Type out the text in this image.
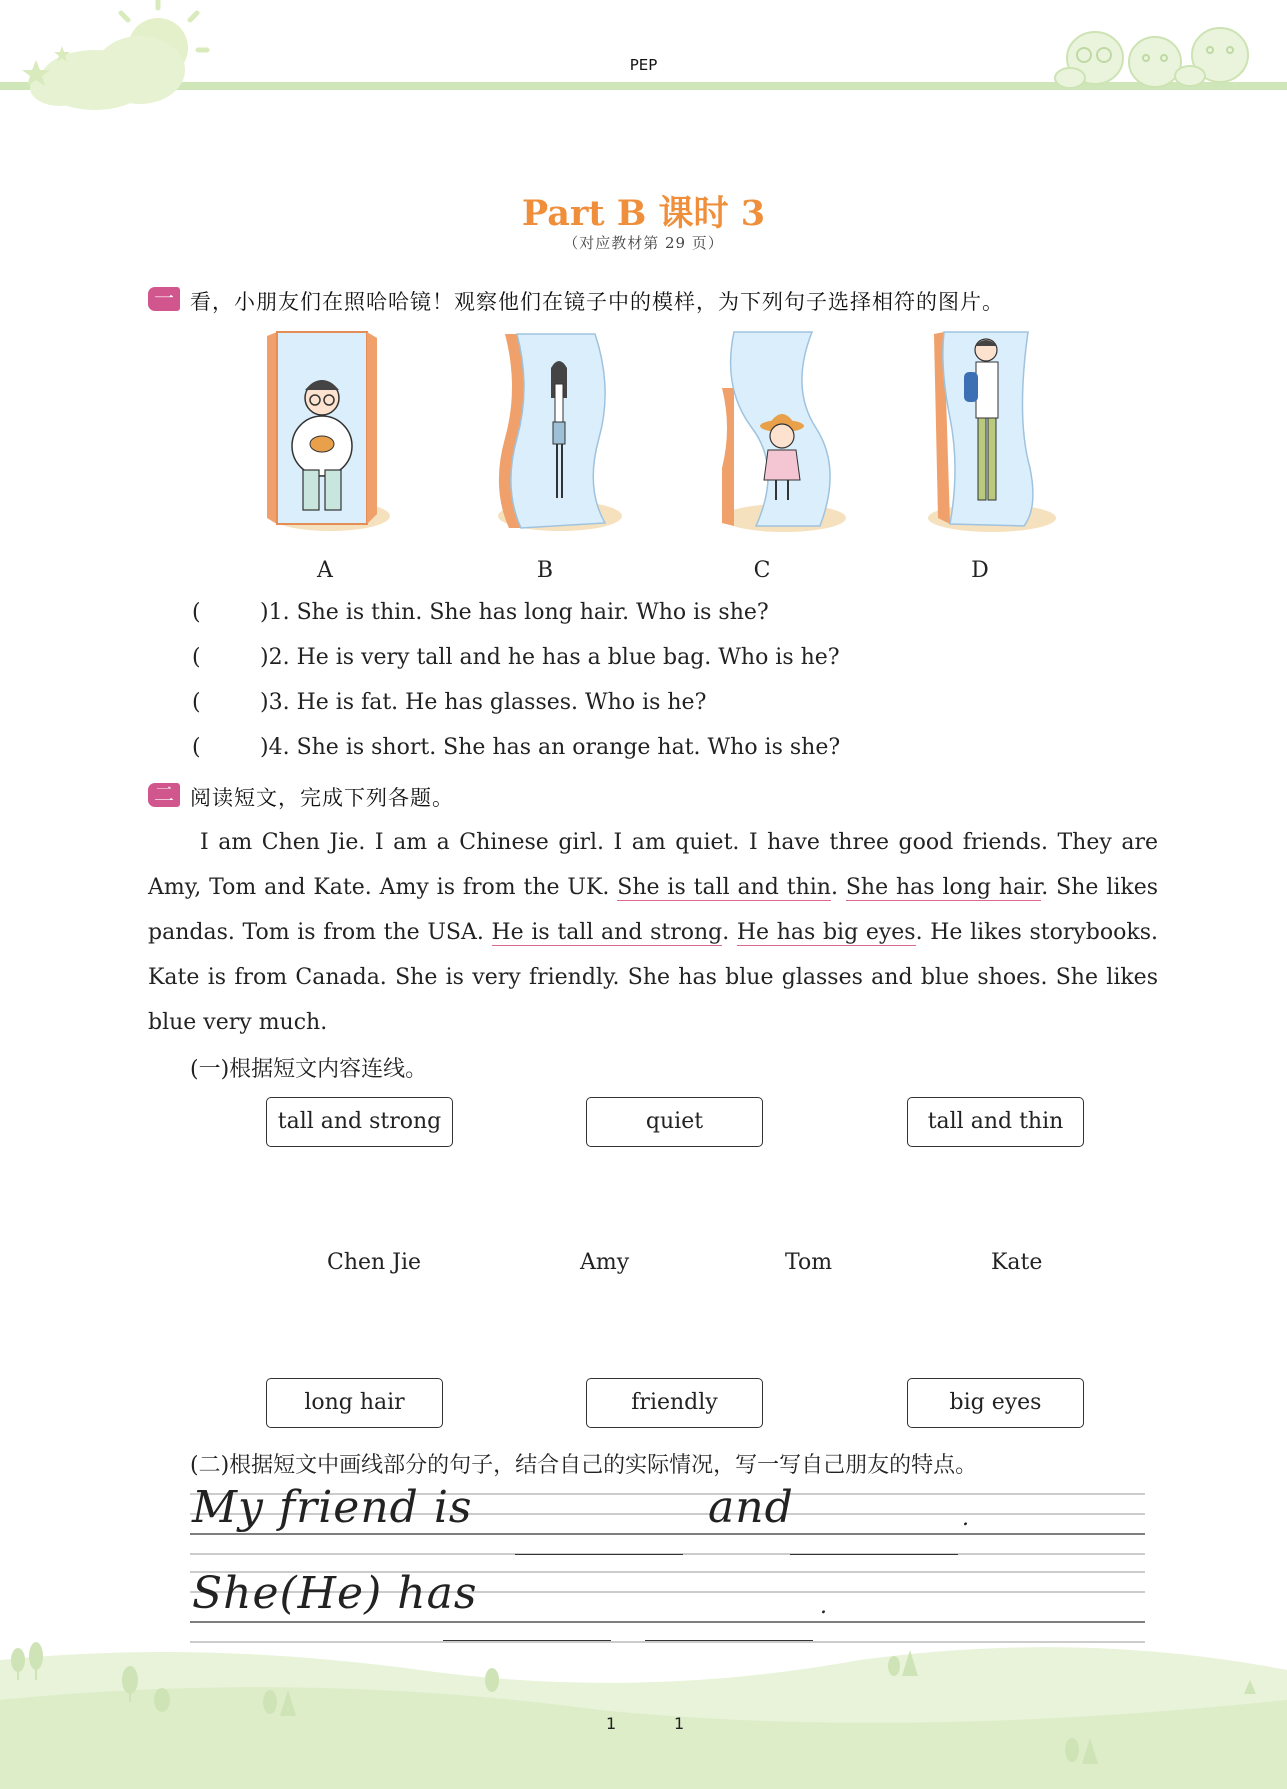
PEP
Part B 课时 3
（对应教材第 29 页）
一 看，小朋友们在照哈哈镜！观察他们在镜子中的模样，为下列句子选择相符的图片。
A	B	C	D
(	)1. She is thin. She has long hair. Who is she?
(	)2. He is very tall and he has a blue bag. Who is he?
(	)3. He is fat. He has glasses. Who is he?
(	)4. She is short. She has an orange hat. Who is she?
二 阅读短文，完成下列各题。
I am Chen Jie. I am a Chinese girl. I am quiet. I have three good friends. They are Amy, Tom and Kate. Amy is from the UK. She is tall and thin. She has long hair. She likes pandas. Tom is from the USA. He is tall and strong. He has big eyes. He likes storybooks. Kate is from Canada. She is very friendly. She has blue glasses and blue shoes. She likes blue very much.
(一)根据短文内容连线。
tall and strong	quiet	tall and thin
Chen Jie	Amy	Tom	Kate
long hair	friendly	big eyes
(二)根据短文中画线部分的句子，结合自己的实际情况，写一写自己朋友的特点。
My friend is	and	.
She(He) has	.
1	1
